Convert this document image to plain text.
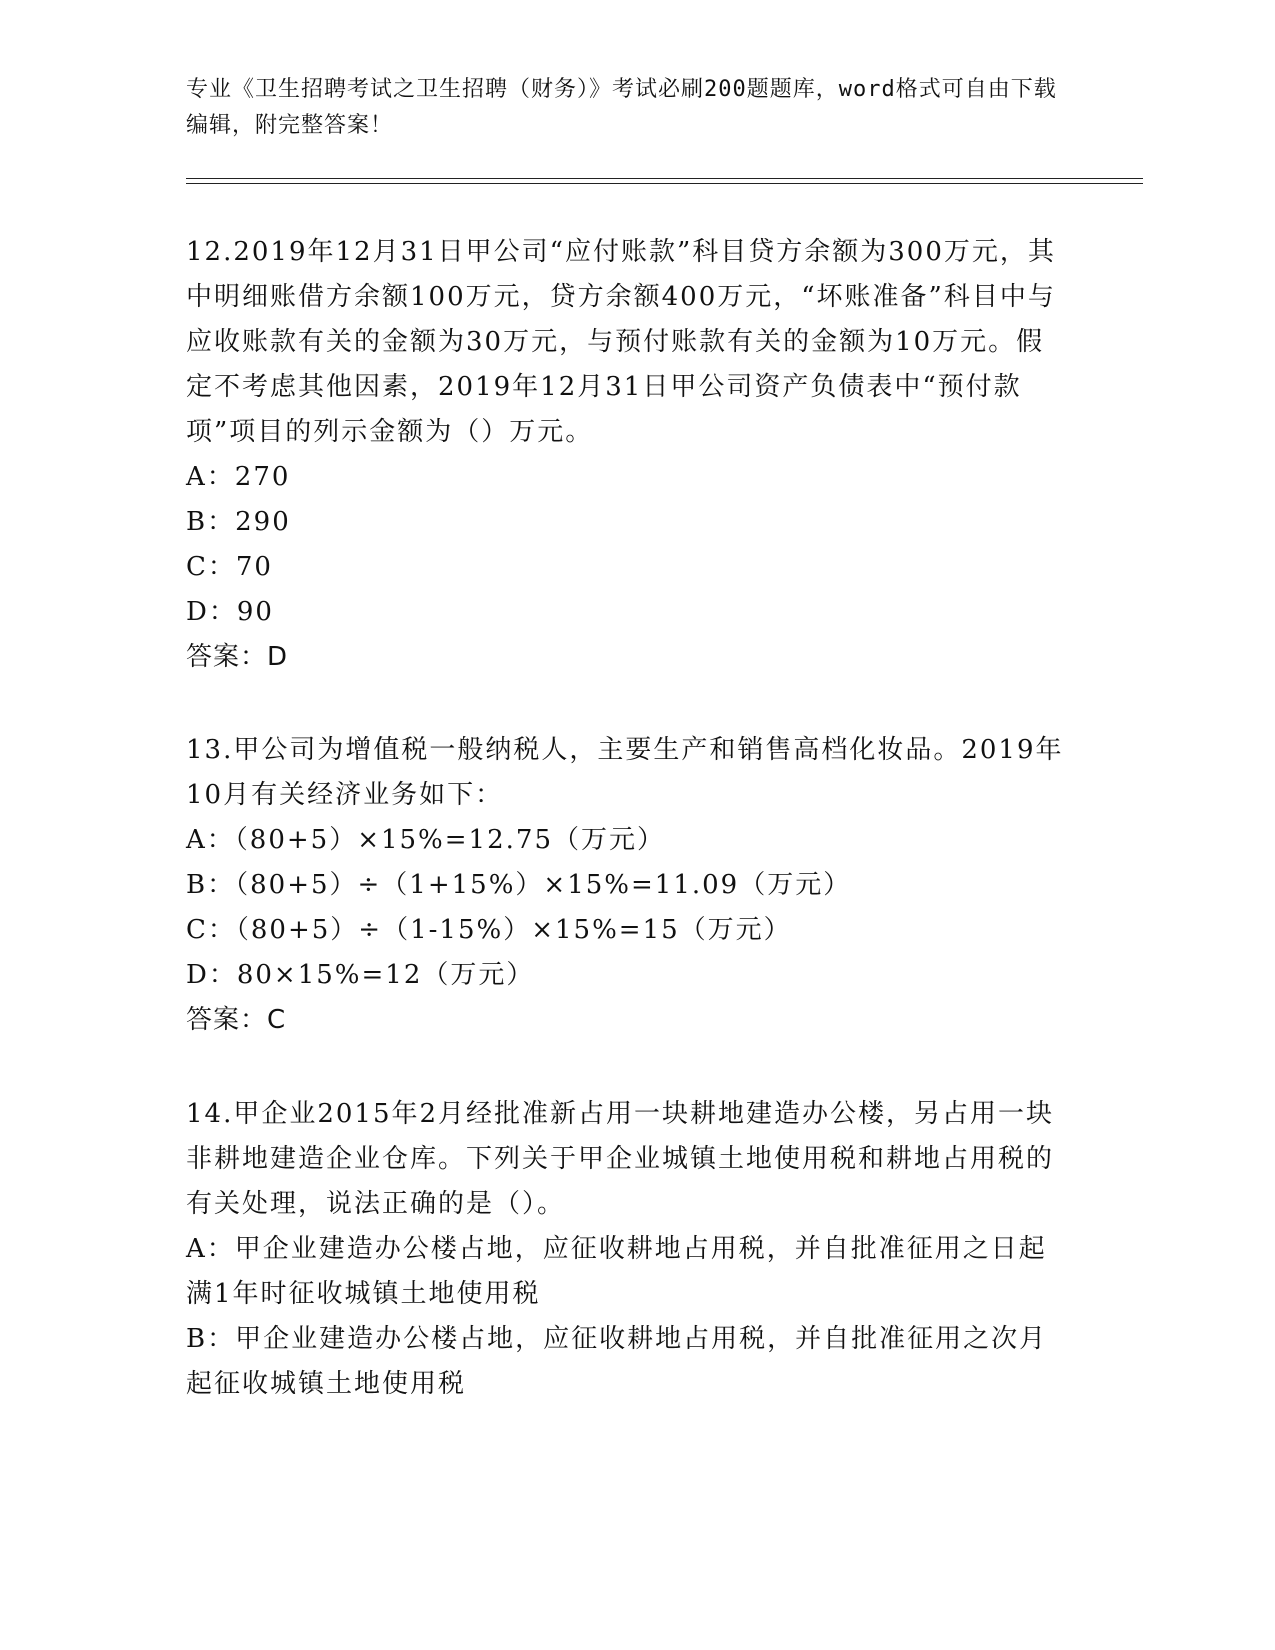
专业《卫生招聘考试之卫生招聘（财务）》考试必刷200题题库，word格式可自由下载编辑，附完整答案！

12.2019年12月31日甲公司“应付账款”科目贷方余额为300万元，其中明细账借方余额100万元，贷方余额400万元，“坏账准备”科目中与应收账款有关的金额为30万元，与预付账款有关的金额为10万元。假定不考虑其他因素，2019年12月31日甲公司资产负债表中“预付款项”项目的列示金额为（）万元。

A：270

B：290

C：70

D：90

答案：D

13.甲公司为增值税一般纳税人，主要生产和销售高档化妆品。2019年10月有关经济业务如下：

A：（80+5）×15%=12.75（万元）

B：（80+5）÷（1+15%）×15%=11.09（万元）

C：（80+5）÷（1-15%）×15%=15（万元）

D：80×15%=12（万元）

答案：C

14.甲企业2015年2月经批准新占用一块耕地建造办公楼，另占用一块非耕地建造企业仓库。下列关于甲企业城镇土地使用税和耕地占用税的有关处理，说法正确的是（）。

A：甲企业建造办公楼占地，应征收耕地占用税，并自批准征用之日起满1年时征收城镇土地使用税

B：甲企业建造办公楼占地，应征收耕地占用税，并自批准征用之次月起征收城镇土地使用税
